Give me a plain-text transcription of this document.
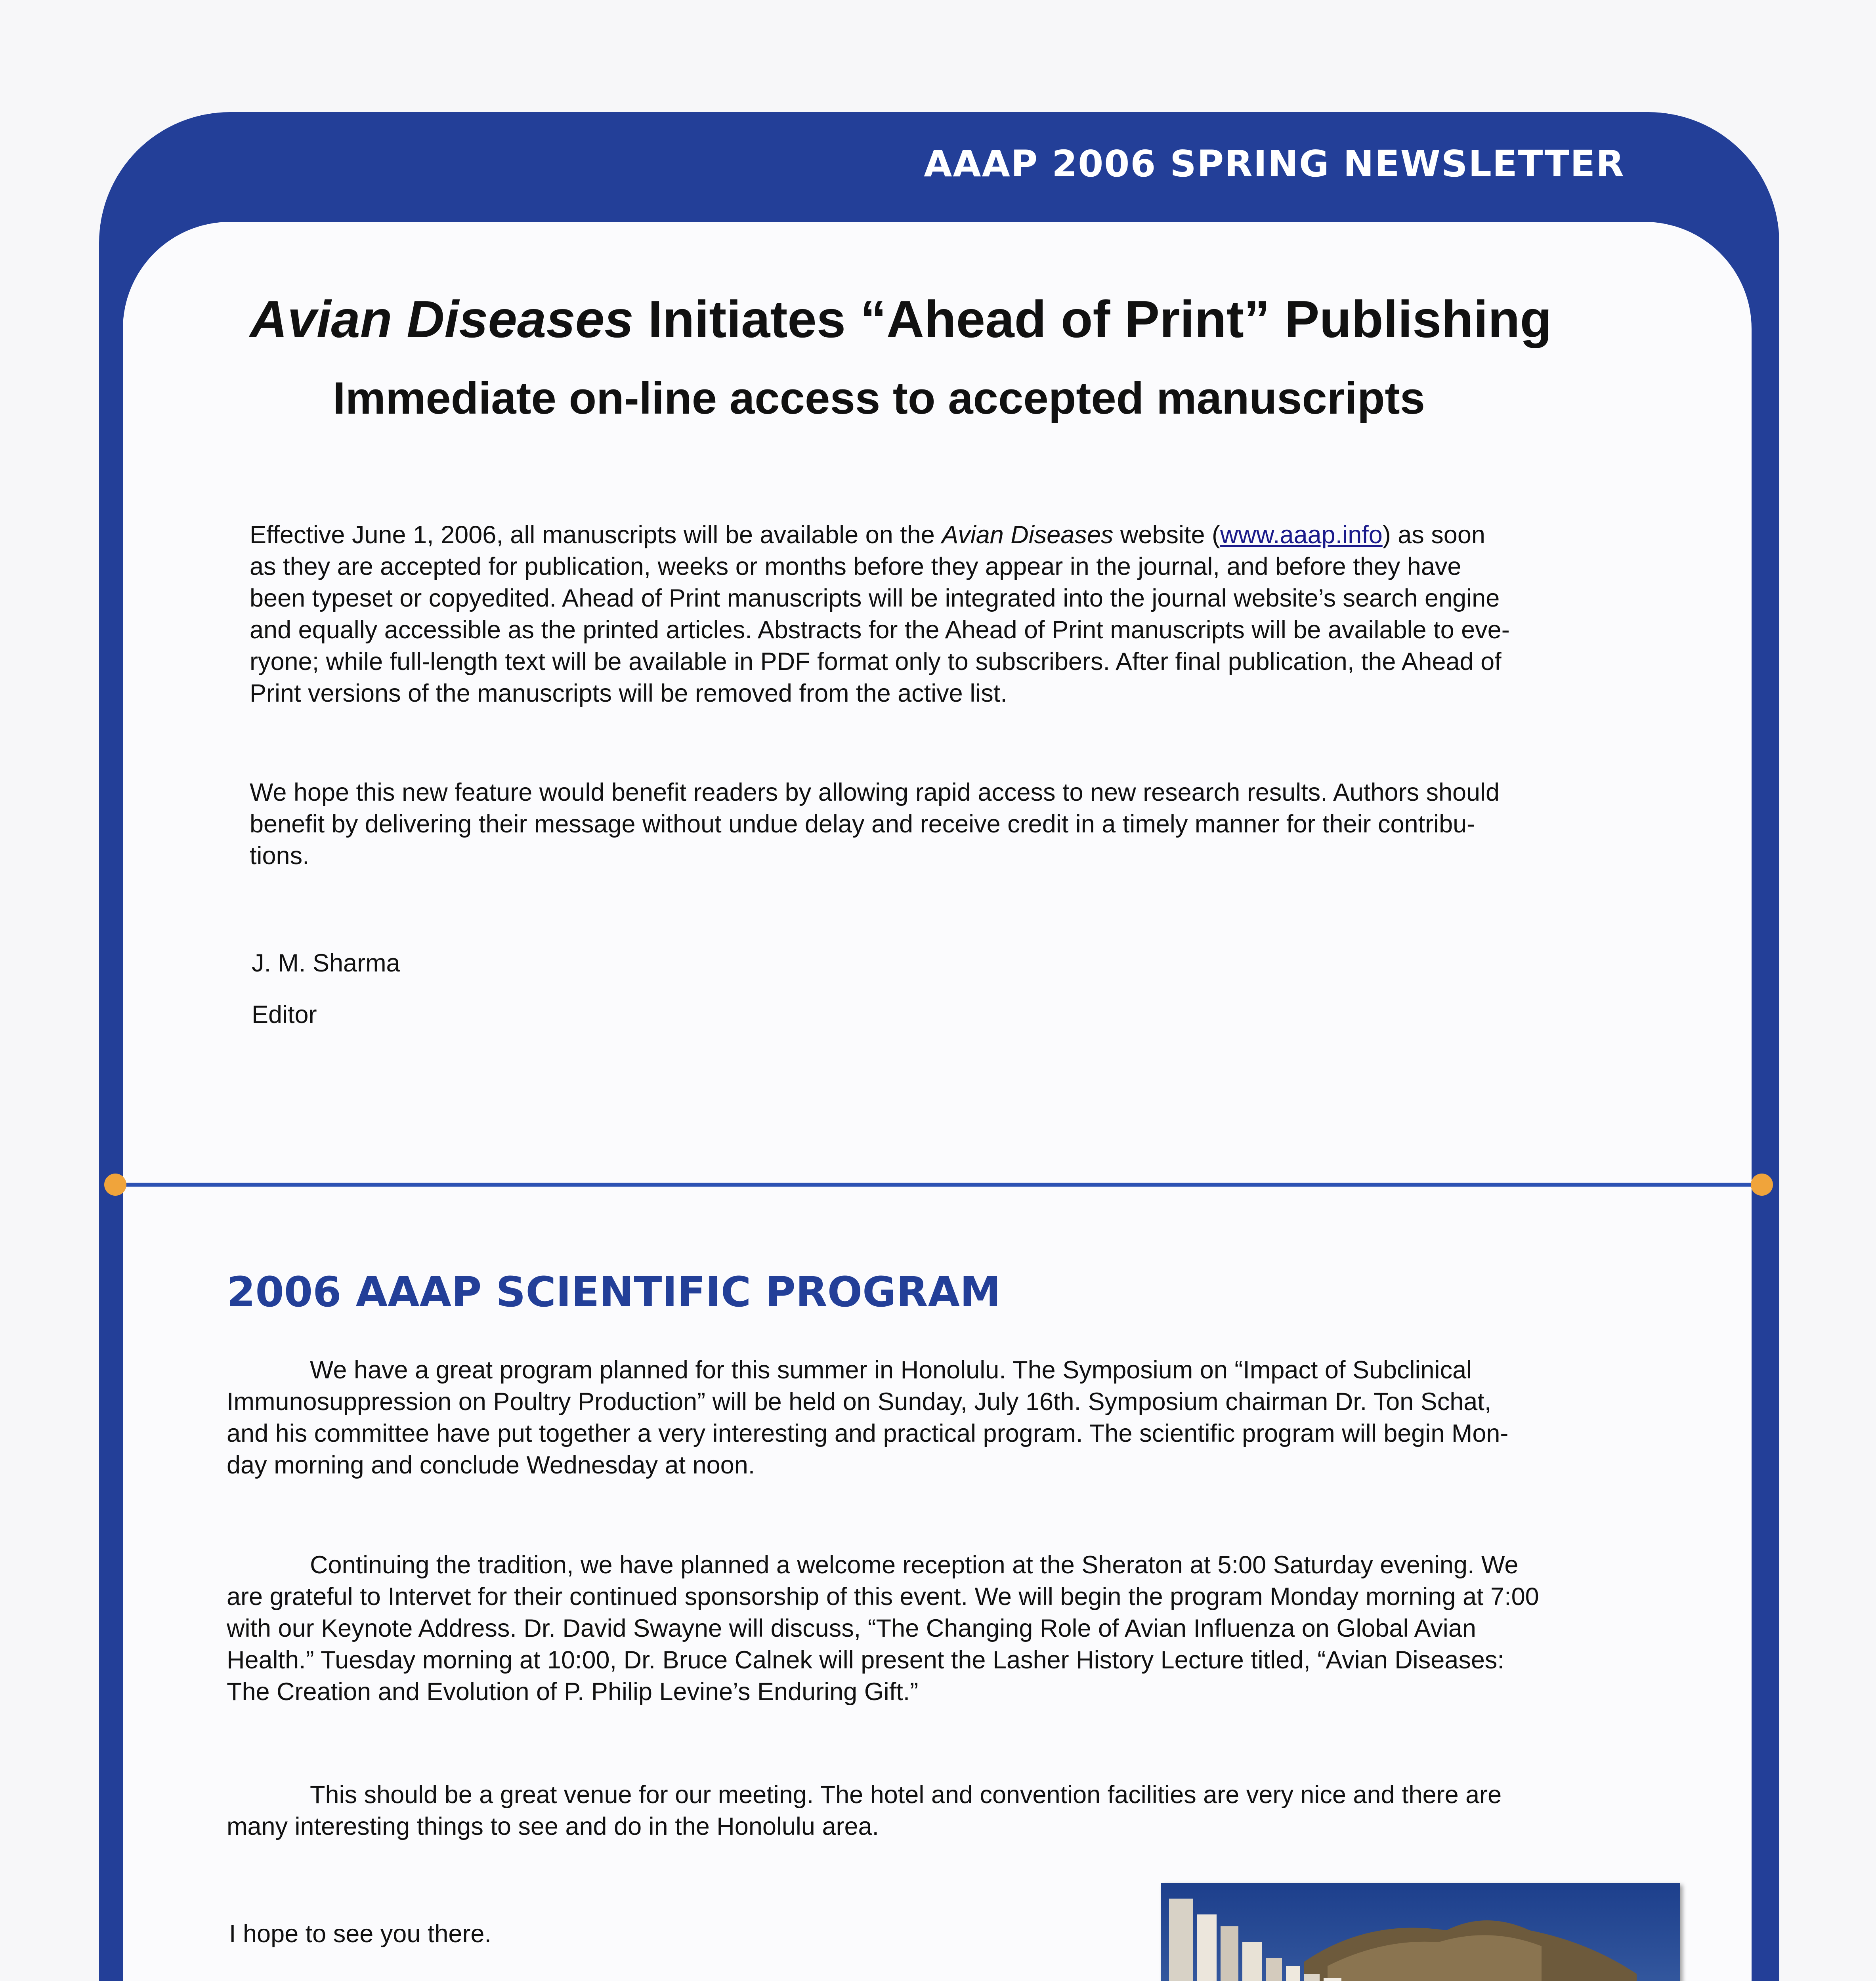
AAAP 2006 SPRING NEWSLETTER
Avian Diseases Initiates “Ahead of Print” Publishing
Immediate on-line access to accepted manuscripts
Effective June 1, 2006, all manuscripts will be available on the Avian Diseases website (www.aaap.info) as soon
as they are accepted for publication, weeks or months before they appear in the journal, and before they have
been typeset or copyedited. Ahead of Print manuscripts will be integrated into the journal website’s search engine
and equally accessible as the printed articles. Abstracts for the Ahead of Print manuscripts will be available to eve-
ryone; while full-length text will be available in PDF format only to subscribers. After final publication, the Ahead of
Print versions of the manuscripts will be removed from the active list.
We hope this new feature would benefit readers by allowing rapid access to new research results. Authors should
benefit by delivering their message without undue delay and receive credit in a timely manner for their contribu-
tions.
J. M. Sharma
Editor
2006 AAAP SCIENTIFIC PROGRAM
We have a great program planned for this summer in Honolulu. The Symposium on “Impact of Subclinical
Immunosuppression on Poultry Production” will be held on Sunday, July 16th. Symposium chairman Dr. Ton Schat,
and his committee have put together a very interesting and practical program. The scientific program will begin Mon-
day morning and conclude Wednesday at noon.
Continuing the tradition, we have planned a welcome reception at the Sheraton at 5:00 Saturday evening. We
are grateful to Intervet for their continued sponsorship of this event. We will begin the program Monday morning at 7:00
with our Keynote Address. Dr. David Swayne will discuss, “The Changing Role of Avian Influenza on Global Avian
Health.” Tuesday morning at 10:00, Dr. Bruce Calnek will present the Lasher History Lecture titled, “Avian Diseases:
The Creation and Evolution of P. Philip Levine’s Enduring Gift.”
This should be a great venue for our meeting. The hotel and convention facilities are very nice and there are
many interesting things to see and do in the Honolulu area.
I hope to see you there.
